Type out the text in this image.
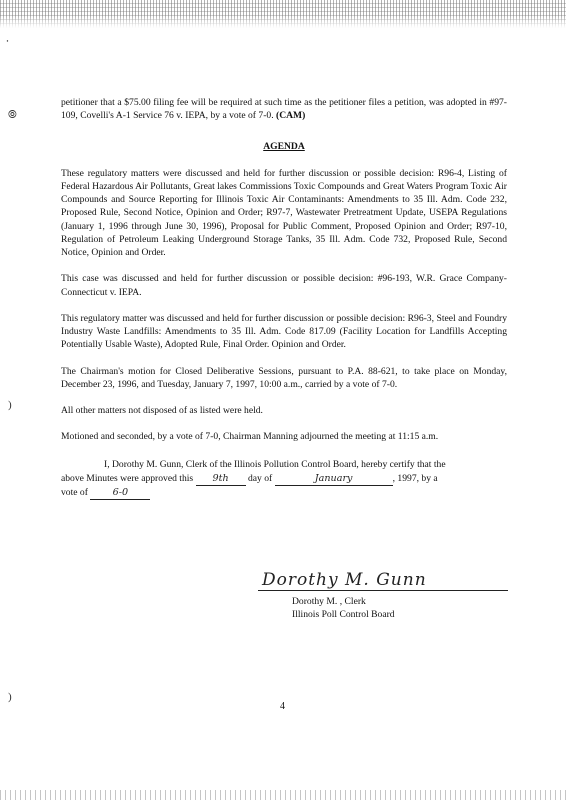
⸱
⦾
)
)

petitioner that a $75.00 filing fee will be required at such time as the petitioner files a petition, was adopted in #97-109, Covelli's A-1 Service 76 v. IEPA, by a vote of 7-0. (CAM)

AGENDA

These regulatory matters were discussed and held for further discussion or possible decision: R96-4, Listing of Federal Hazardous Air Pollutants, Great lakes Commissions Toxic Compounds and Great Waters Program Toxic Air Compounds and Source Reporting for Illinois Toxic Air Contaminants: Amendments to 35 Ill. Adm. Code 232, Proposed Rule, Second Notice, Opinion and Order; R97-7, Wastewater Pretreatment Update, USEPA Regulations (January 1, 1996 through June 30, 1996), Proposal for Public Comment, Proposed Opinion and Order; R97-10, Regulation of Petroleum Leaking Underground Storage Tanks, 35 Ill. Adm. Code 732, Proposed Rule, Second Notice, Opinion and Order.

This case was discussed and held for further discussion or possible decision: #96-193, W.R. Grace Company-Connecticut v. IEPA.

This regulatory matter was discussed and held for further discussion or possible decision: R96-3, Steel and Foundry Industry Waste Landfills: Amendments to 35 Ill. Adm. Code 817.09 (Facility Location for Landfills Accepting Potentially Usable Waste), Adopted Rule, Final Order. Opinion and Order.

The Chairman's motion for Closed Deliberative Sessions, pursuant to P.A. 88-621, to take place on Monday, December 23, 1996, and Tuesday, January 7, 1997, 10:00 a.m., carried by a vote of 7-0.

All other matters not disposed of as listed were held.

Motioned and seconded, by a vote of 7-0, Chairman Manning adjourned the meeting at 11:15 a.m.

I, Dorothy M. Gunn, Clerk of the Illinois Pollution Control Board, hereby certify that the

above Minutes were approved this 9th day of	January	, 1997, by a

vote of	6-0

Dorothy M. Gunn
Dorothy M. , Clerk
Illinois Poll Control Board
4
